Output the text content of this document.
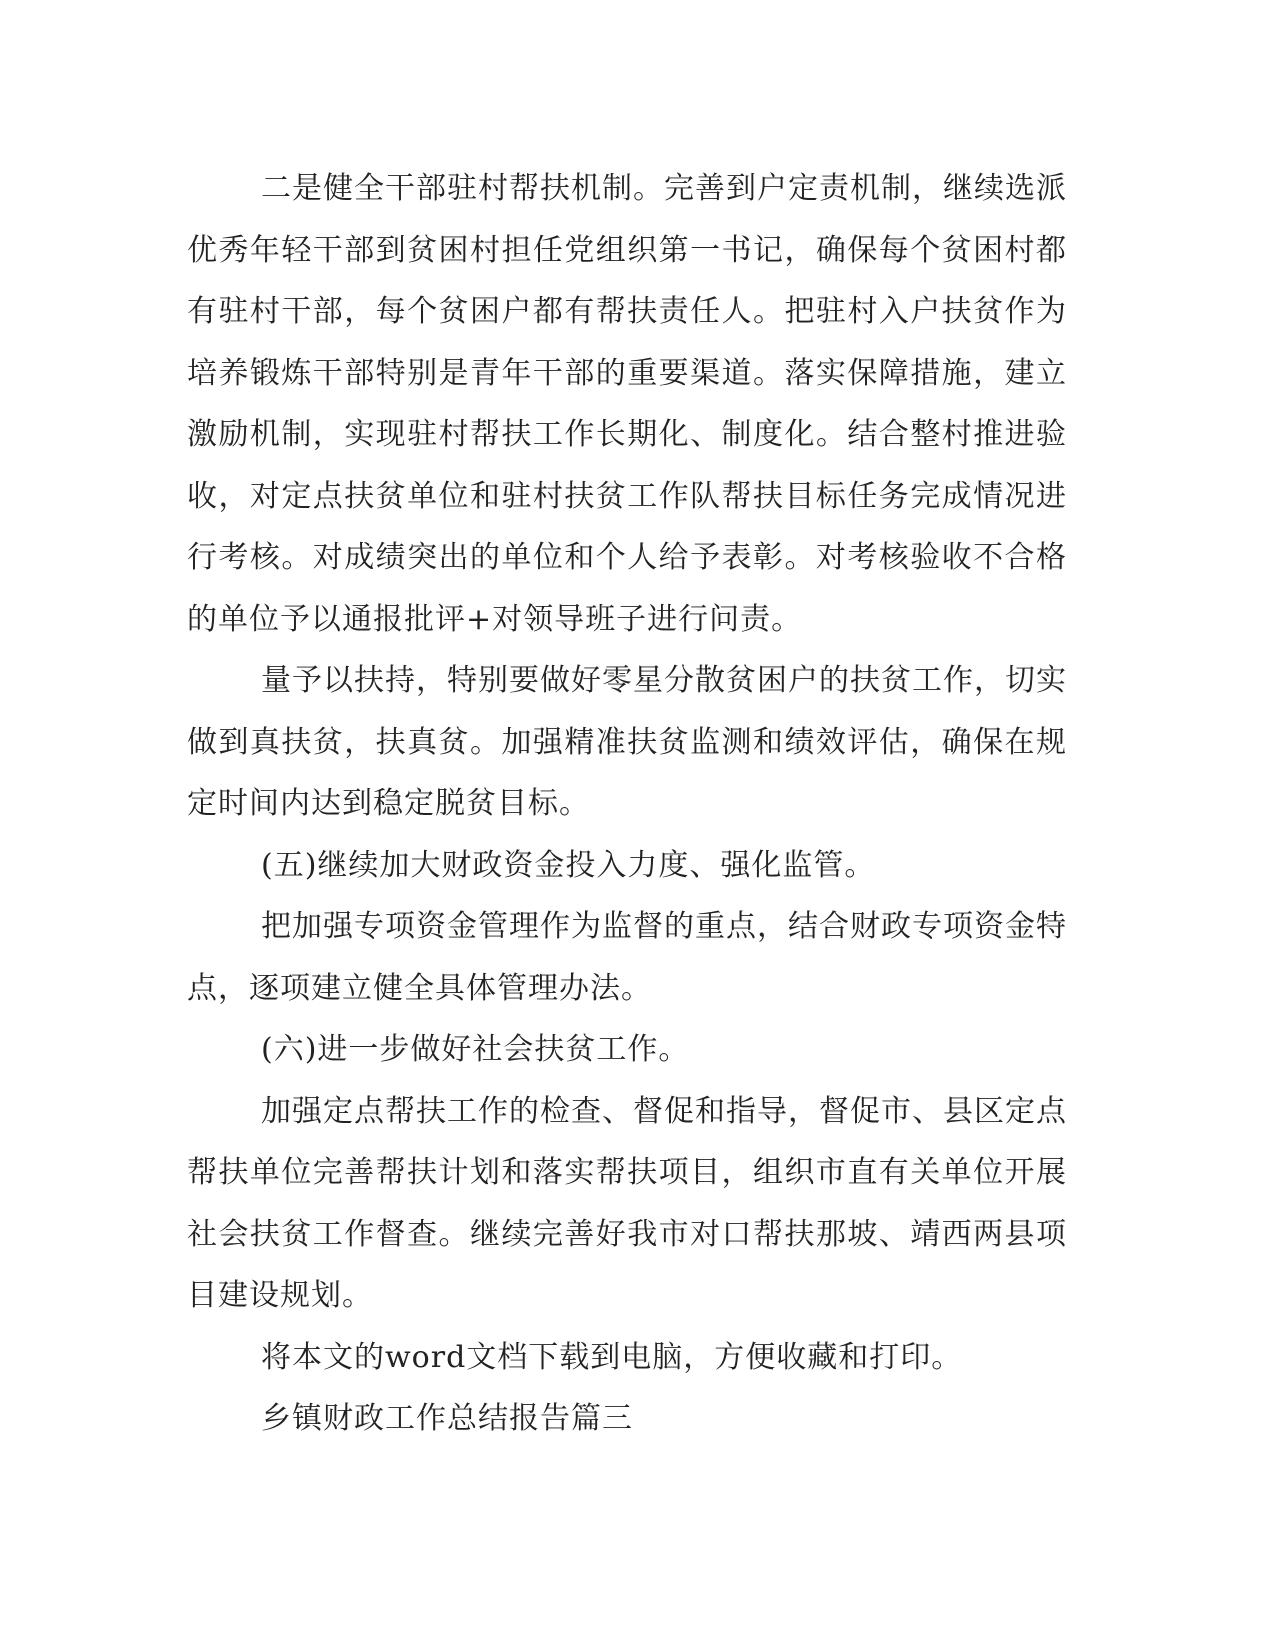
二是健全干部驻村帮扶机制。完善到户定责机制，继续选派优秀年轻干部到贫困村担任党组织第一书记，确保每个贫困村都有驻村干部，每个贫困户都有帮扶责任人。把驻村入户扶贫作为培养锻炼干部特别是青年干部的重要渠道。落实保障措施，建立激励机制，实现驻村帮扶工作长期化、制度化。结合整村推进验收，对定点扶贫单位和驻村扶贫工作队帮扶目标任务完成情况进行考核。对成绩突出的单位和个人给予表彰。对考核验收不合格的单位予以通报批评+对领导班子进行问责。

量予以扶持，特别要做好零星分散贫困户的扶贫工作，切实做到真扶贫，扶真贫。加强精准扶贫监测和绩效评估，确保在规定时间内达到稳定脱贫目标。

(五)继续加大财政资金投入力度、强化监管。

把加强专项资金管理作为监督的重点，结合财政专项资金特点，逐项建立健全具体管理办法。

(六)进一步做好社会扶贫工作。

加强定点帮扶工作的检查、督促和指导，督促市、县区定点帮扶单位完善帮扶计划和落实帮扶项目，组织市直有关单位开展社会扶贫工作督查。继续完善好我市对口帮扶那坡、靖西两县项目建设规划。

将本文的word文档下载到电脑，方便收藏和打印。

乡镇财政工作总结报告篇三
